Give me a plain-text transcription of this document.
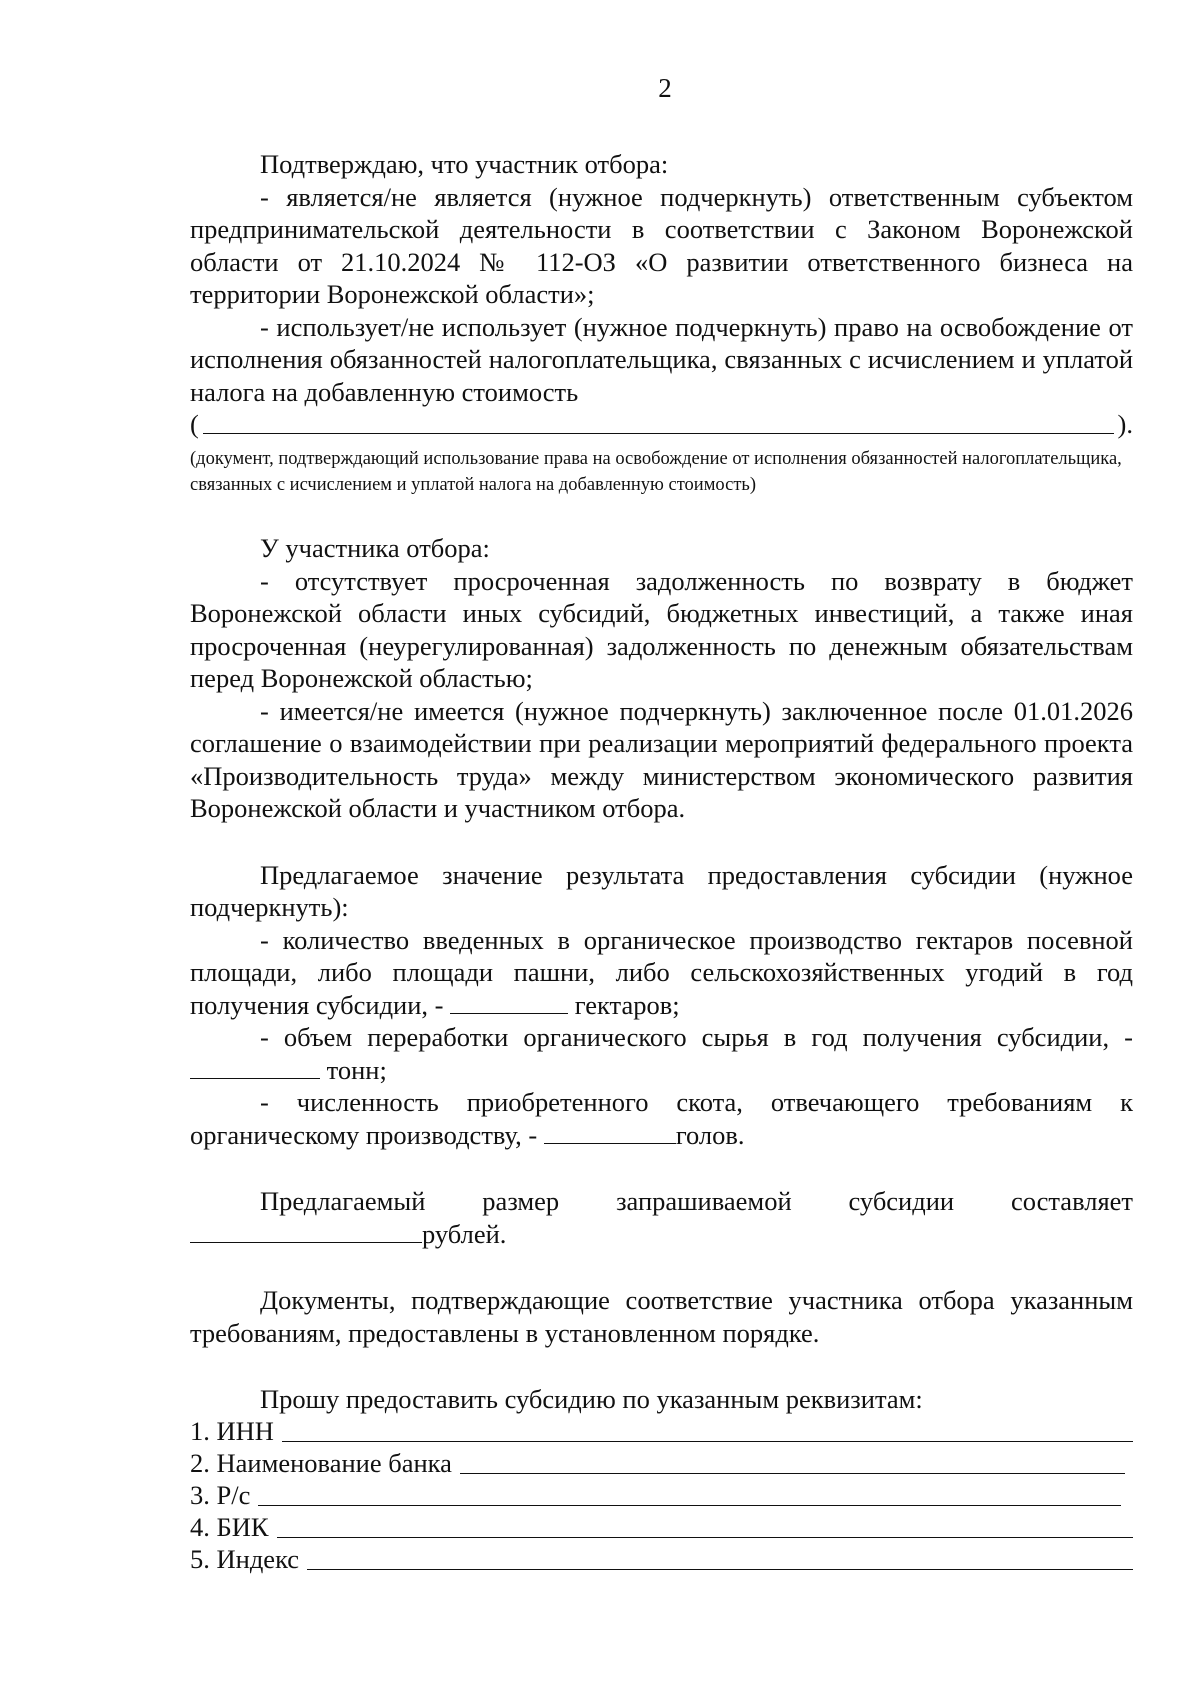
2

Подтверждаю, что участник отбора:

- является/не является (нужное подчеркнуть) ответственным субъектом предпринимательской деятельности в соответствии с Законом Воронежской области от 21.10.2024 № 112-ОЗ «О развитии ответственного бизнеса на территории Воронежской области»;

- использует/не использует (нужное подчеркнуть) право на освобождение от исполнения обязанностей налогоплательщика, связанных с исчислением и уплатой налога на добавленную стоимость

(	).

(документ, подтверждающий использование права на освобождение от исполнения обязанностей налогоплательщика, связанных с исчислением и уплатой налога на добавленную стоимость)

У участника отбора:

- отсутствует просроченная задолженность по возврату в бюджет Воронежской области иных субсидий, бюджетных инвестиций, а также иная просроченная (неурегулированная) задолженность по денежным обязательствам перед Воронежской областью;

- имеется/не имеется (нужное подчеркнуть) заключенное после 01.01.2026 соглашение о взаимодействии при реализации мероприятий федерального проекта «Производительность труда» между министерством экономического развития Воронежской области и участником отбора.

Предлагаемое значение результата предоставления субсидии (нужное подчеркнуть):

- количество введенных в органическое производство гектаров посевной площади, либо площади пашни, либо сельскохозяйственных угодий в год получения субсидии, -	гектаров;

- объем переработки органического сырья в год получения субсидии, -

тонн;

- численность приобретенного скота, отвечающего требованиям к органическому производству, -	голов.

Предлагаемый размер запрашиваемой субсидии составляет

рублей.

Документы, подтверждающие соответствие участника отбора указанным требованиям, предоставлены в установленном порядке.

Прошу предоставить субсидию по указанным реквизитам:

1. ИНН
2. Наименование банка
3. Р/с
4. БИК
5. Индекс
